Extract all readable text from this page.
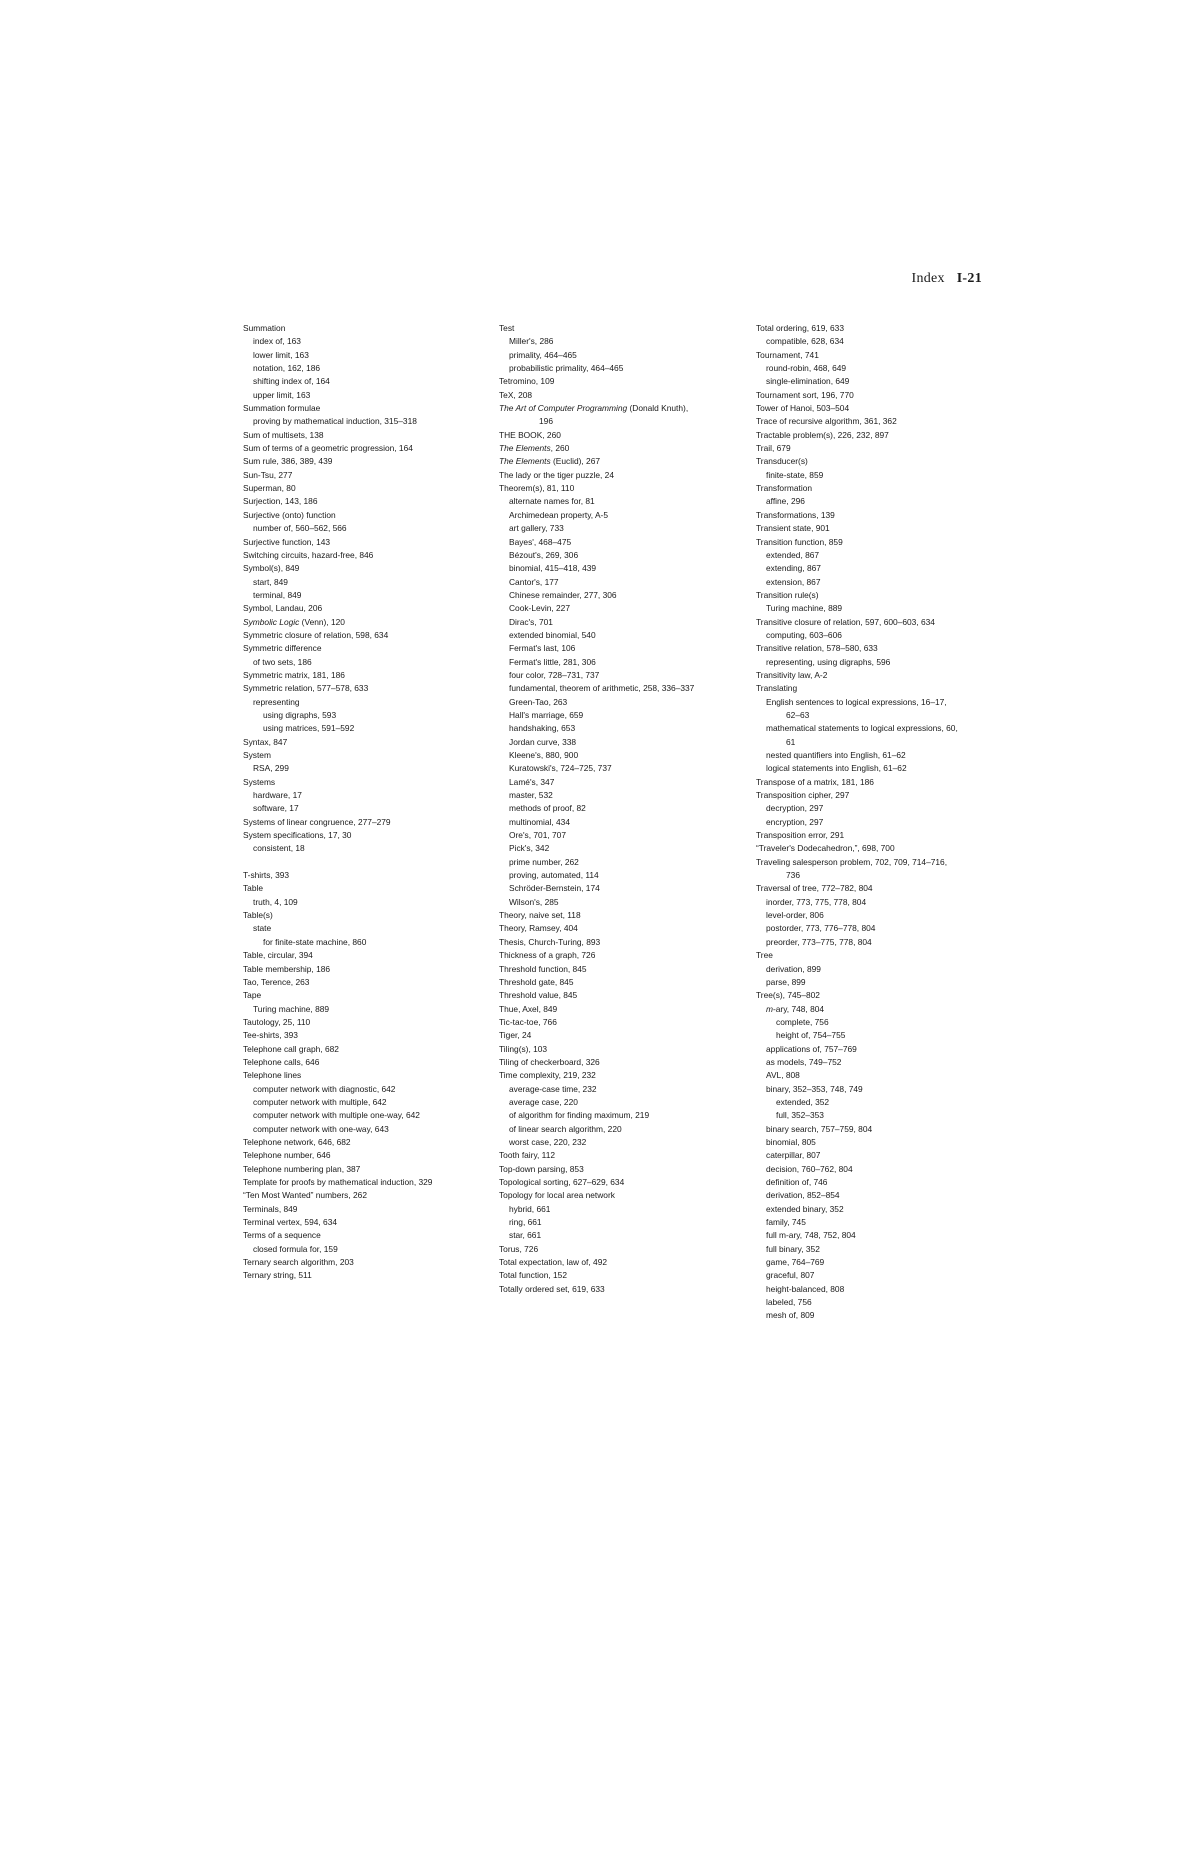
Index I-21
Summation
index of, 163
lower limit, 163
notation, 162, 186
shifting index of, 164
upper limit, 163
Summation formulae
proving by mathematical induction, 315–318
Sum of multisets, 138
Sum of terms of a geometric progression, 164
Sum rule, 386, 389, 439
Sun-Tsu, 277
Superman, 80
Surjection, 143, 186
Surjective (onto) function
number of, 560–562, 566
Surjective function, 143
Switching circuits, hazard-free, 846
Symbol(s), 849
start, 849
terminal, 849
Symbol, Landau, 206
Symbolic Logic (Venn), 120
Symmetric closure of relation, 598, 634
Symmetric difference
of two sets, 186
Symmetric matrix, 181, 186
Symmetric relation, 577–578, 633
representing
using digraphs, 593
using matrices, 591–592
Syntax, 847
System
RSA, 299
Systems
hardware, 17
software, 17
Systems of linear congruence, 277–279
System specifications, 17, 30
consistent, 18
T-shirts, 393
Table
truth, 4, 109
Table(s)
state
for finite-state machine, 860
Table, circular, 394
Table membership, 186
Tao, Terence, 263
Tape
Turing machine, 889
Tautology, 25, 110
Tee-shirts, 393
Telephone call graph, 682
Telephone calls, 646
Telephone lines
computer network with diagnostic, 642
computer network with multiple, 642
computer network with multiple one-way, 642
computer network with one-way, 643
Telephone network, 646, 682
Telephone number, 646
Telephone numbering plan, 387
Template for proofs by mathematical induction, 329
“Ten Most Wanted” numbers, 262
Terminals, 849
Terminal vertex, 594, 634
Terms of a sequence
closed formula for, 159
Ternary search algorithm, 203
Ternary string, 511
Test
Miller's, 286
primality, 464–465
probabilistic primality, 464–465
Tetromino, 109
TeX, 208
The Art of Computer Programming (Donald Knuth),
196
THE BOOK, 260
The Elements, 260
The Elements (Euclid), 267
The lady or the tiger puzzle, 24
Theorem(s), 81, 110
alternate names for, 81
Archimedean property, A-5
art gallery, 733
Bayes', 468–475
Bézout's, 269, 306
binomial, 415–418, 439
Cantor's, 177
Chinese remainder, 277, 306
Cook-Levin, 227
Dirac's, 701
extended binomial, 540
Fermat's last, 106
Fermat's little, 281, 306
four color, 728–731, 737
fundamental, theorem of arithmetic, 258, 336–337
Green-Tao, 263
Hall's marriage, 659
handshaking, 653
Jordan curve, 338
Kleene's, 880, 900
Kuratowski's, 724–725, 737
Lamé's, 347
master, 532
methods of proof, 82
multinomial, 434
Ore's, 701, 707
Pick's, 342
prime number, 262
proving, automated, 114
Schröder-Bernstein, 174
Wilson's, 285
Theory, naive set, 118
Theory, Ramsey, 404
Thesis, Church-Turing, 893
Thickness of a graph, 726
Threshold function, 845
Threshold gate, 845
Threshold value, 845
Thue, Axel, 849
Tic-tac-toe, 766
Tiger, 24
Tiling(s), 103
Tiling of checkerboard, 326
Time complexity, 219, 232
average-case time, 232
average case, 220
of algorithm for finding maximum, 219
of linear search algorithm, 220
worst case, 220, 232
Tooth fairy, 112
Top-down parsing, 853
Topological sorting, 627–629, 634
Topology for local area network
hybrid, 661
ring, 661
star, 661
Torus, 726
Total expectation, law of, 492
Total function, 152
Totally ordered set, 619, 633
Total ordering, 619, 633
compatible, 628, 634
Tournament, 741
round-robin, 468, 649
single-elimination, 649
Tournament sort, 196, 770
Tower of Hanoi, 503–504
Trace of recursive algorithm, 361, 362
Tractable problem(s), 226, 232, 897
Trail, 679
Transducer(s)
finite-state, 859
Transformation
affine, 296
Transformations, 139
Transient state, 901
Transition function, 859
extended, 867
extending, 867
extension, 867
Transition rule(s)
Turing machine, 889
Transitive closure of relation, 597, 600–603, 634
computing, 603–606
Transitive relation, 578–580, 633
representing, using digraphs, 596
Transitivity law, A-2
Translating
English sentences to logical expressions, 16–17,
62–63
mathematical statements to logical expressions, 60,
61
nested quantifiers into English, 61–62
logical statements into English, 61–62
Transpose of a matrix, 181, 186
Transposition cipher, 297
decryption, 297
encryption, 297
Transposition error, 291
“Traveler's Dodecahedron,”, 698, 700
Traveling salesperson problem, 702, 709, 714–716,
736
Traversal of tree, 772–782, 804
inorder, 773, 775, 778, 804
level-order, 806
postorder, 773, 776–778, 804
preorder, 773–775, 778, 804
Tree
derivation, 899
parse, 899
Tree(s), 745–802
m-ary, 748, 804
complete, 756
height of, 754–755
applications of, 757–769
as models, 749–752
AVL, 808
binary, 352–353, 748, 749
extended, 352
full, 352–353
binary search, 757–759, 804
binomial, 805
caterpillar, 807
decision, 760–762, 804
definition of, 746
derivation, 852–854
extended binary, 352
family, 745
full m-ary, 748, 752, 804
full binary, 352
game, 764–769
graceful, 807
height-balanced, 808
labeled, 756
mesh of, 809
